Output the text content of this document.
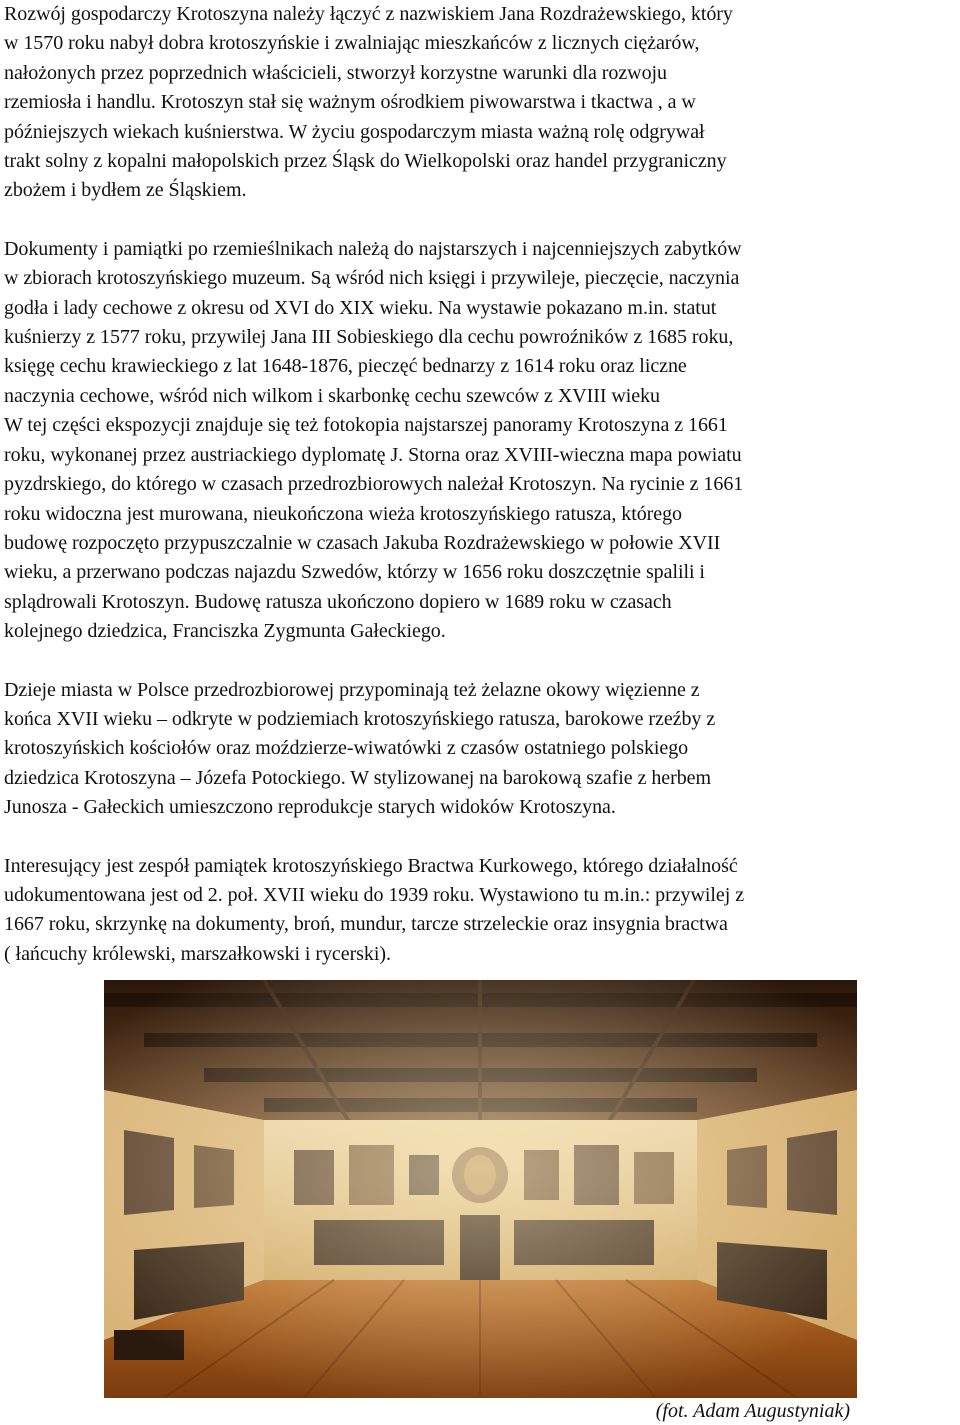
Rozwój gospodarczy Krotoszyna należy łączyć z nazwiskiem Jana Rozdrażewskiego, który
w 1570 roku nabył dobra krotoszyńskie i zwalniając mieszkańców z licznych ciężarów,
nałożonych przez poprzednich właścicieli, stworzył korzystne warunki dla rozwoju
rzemiosła i handlu. Krotoszyn stał się ważnym ośrodkiem piwowarstwa i tkactwa , a w
późniejszych wiekach kuśnierstwa. W życiu gospodarczym miasta ważną rolę odgrywał
trakt solny z kopalni małopolskich przez Śląsk do Wielkopolski oraz handel przygraniczny
zbożem i bydłem ze Śląskiem.

Dokumenty i pamiątki po rzemieślnikach należą do najstarszych i najcenniejszych zabytków
w zbiorach krotoszyńskiego muzeum. Są wśród nich księgi i przywileje, pieczęcie, naczynia
godła i lady cechowe z okresu od XVI do XIX wieku. Na wystawie pokazano m.in. statut
kuśnierzy z 1577 roku, przywilej Jana III Sobieskiego dla cechu powroźników z 1685 roku,
księgę cechu krawieckiego z lat 1648-1876, pieczęć bednarzy z 1614 roku oraz liczne
naczynia cechowe, wśród nich wilkom i skarbonkę cechu szewców z XVIII wieku
W tej części ekspozycji znajduje się też fotokopia najstarszej panoramy Krotoszyna z 1661
roku, wykonanej przez austriackiego dyplomatę J. Storna oraz XVIII-wieczna mapa powiatu
pyzdrskiego, do którego w czasach przedrozbiorowych należał Krotoszyn. Na rycinie z 1661
roku widoczna jest murowana, nieukończona wieża krotoszyńskiego ratusza, którego
budowę rozpoczęto przypuszczalnie w czasach Jakuba Rozdrażewskiego w połowie XVII
wieku, a przerwano podczas najazdu Szwedów, którzy w 1656 roku doszczętnie spalili i
splądrowali Krotoszyn. Budowę ratusza ukończono dopiero w 1689 roku w czasach
kolejnego dziedzica, Franciszka Zygmunta Gałeckiego.

Dzieje miasta w Polsce przedrozbiorowej przypominają też żelazne okowy więzienne z
końca XVII wieku – odkryte w podziemiach krotoszyńskiego ratusza, barokowe rzeźby z
krotoszyńskich kościołów oraz moździerze-wiwatówki z czasów ostatniego polskiego
dziedzica Krotoszyna – Józefa Potockiego. W stylizowanej na barokową szafie z herbem
Junosza - Gałeckich umieszczono reprodukcje starych widoków Krotoszyna.

Interesujący jest zespół pamiątek krotoszyńskiego Bractwa Kurkowego, którego działalność
udokumentowana jest od 2. poł. XVII wieku do 1939 roku. Wystawiono tu m.in.: przywilej z
1667 roku, skrzynkę na dokumenty, broń, mundur, tarcze strzeleckie oraz insygnia bractwa
( łańcuchy królewski, marszałkowski i rycerski).

(fot. Adam Augustyniak)
